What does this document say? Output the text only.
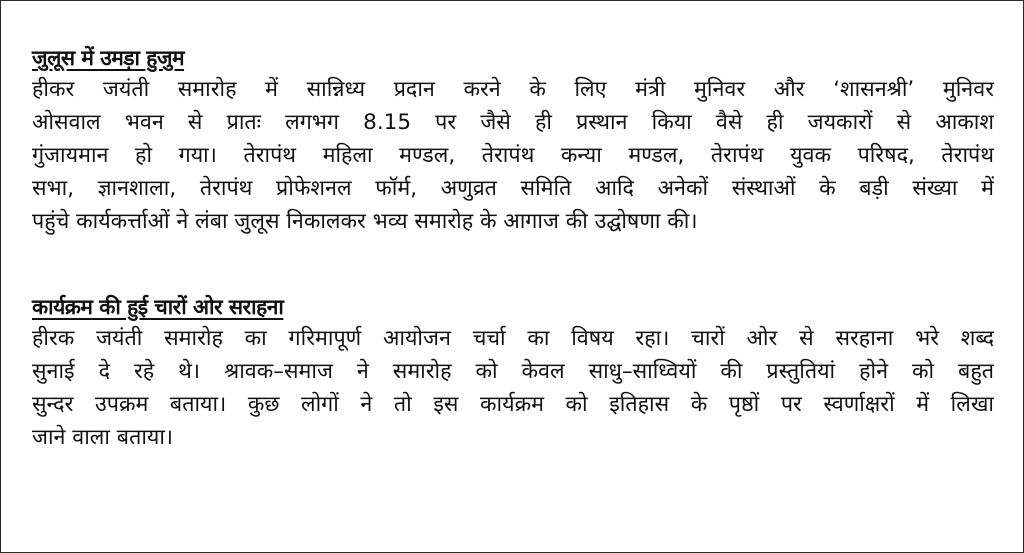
जुलूस में उमड़ा हुजुम
हीकर जयंती समारोह में सान्निध्य प्रदान करने के लिए मंत्री मुनिवर और ‘शासनश्री’ मुनिवर
ओसवाल भवन से प्रातः लगभग 8.15 पर जैसे ही प्रस्थान किया वैसे ही जयकारों से आकाश
गुंजायमान हो गया। तेरापंथ महिला मण्डल, तेरापंथ कन्या मण्डल, तेरापंथ युवक परिषद, तेरापंथ
सभा, ज्ञानशाला, तेरापंथ प्रोफेशनल फॉर्म, अणुव्रत समिति आदि अनेकों संस्थाओं के बड़ी संख्या में
पहुंचे कार्यकर्त्ताओं ने लंबा जुलूस निकालकर भव्य समारोह के आगाज की उद्घोषणा की।
कार्यक्रम की हुई चारों ओर सराहना
हीरक जयंती समारोह का गरिमापूर्ण आयोजन चर्चा का विषय रहा। चारों ओर से सरहाना भरे शब्द
सुनाई दे रहे थे। श्रावक–समाज ने समारोह को केवल साधु–साध्वियों की प्रस्तुतियां होने को बहुत
सुन्दर उपक्रम बताया। कुछ लोगों ने तो इस कार्यक्रम को इतिहास के पृष्ठों पर स्वर्णाक्षरों में लिखा
जाने वाला बताया।
